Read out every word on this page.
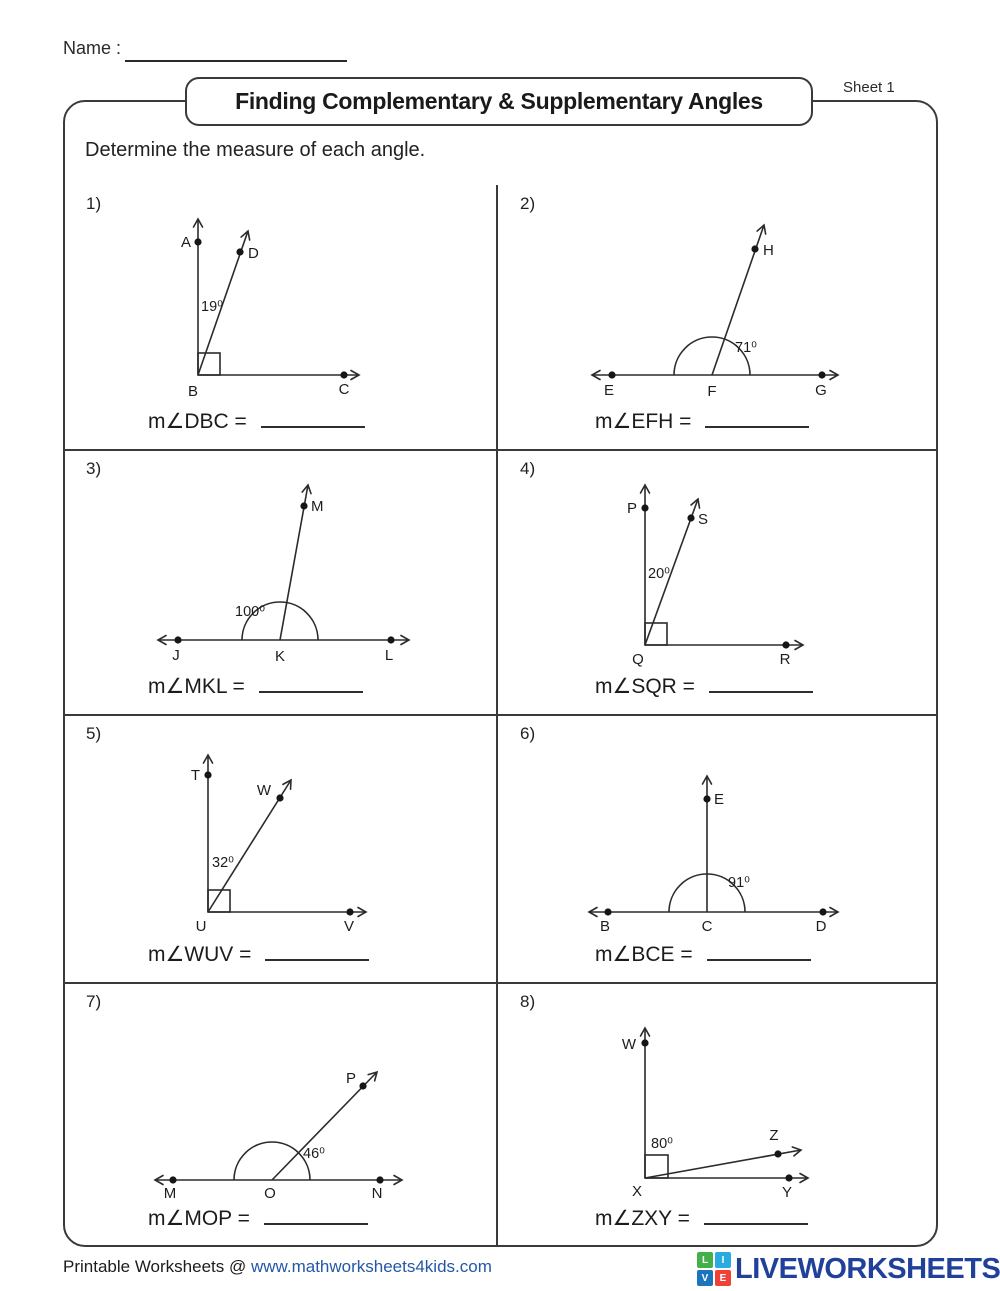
Name :
Sheet 1
Finding Complementary & Supplementary Angles
Determine the measure of each angle.
1)
A
D
C
B
19⁰
m∠DBC =
2)
E	F	G
H
71⁰
m∠EFH =
3)
J	K	L
M
100⁰
m∠MKL =
4)
P
S
R
Q
20⁰
m∠SQR =
5)
T
W
V
U
32⁰
m∠WUV =
6)
B	C	D
E
91⁰
m∠BCE =
7)
M	O	N
P
46⁰
m∠MOP =
8)
W
Z
Y
X
80⁰
m∠ZXY =
Printable Worksheets @ www.mathworksheets4kids.com	L	I
V	E LIVEWORKSHEETS
